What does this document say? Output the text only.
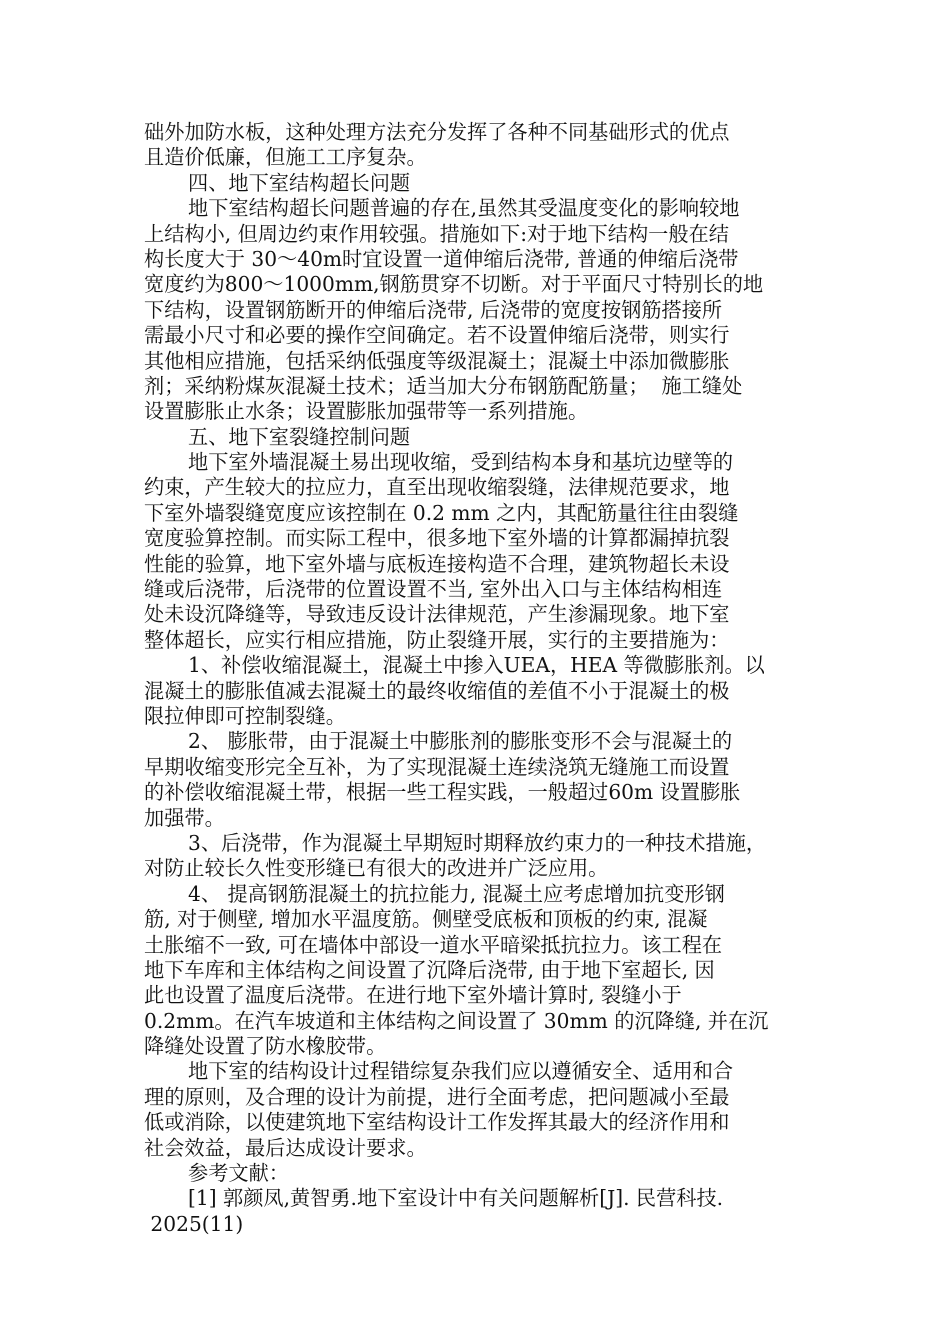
础外加防水板，这种处理方法充分发挥了各种不同基础形式的优点
且造价低廉，但施工工序复杂。
四、地下室结构超长问题
地下室结构超长问题普遍的存在,虽然其受温度变化的影响较地
上结构小, 但周边约束作用较强。措施如下:对于地下结构一般在结
构长度大于 30～40m时宜设置一道伸缩后浇带, 普通的伸缩后浇带
宽度约为800～1000mm,钢筋贯穿不切断。对于平面尺寸特别长的地
下结构，设置钢筋断开的伸缩后浇带, 后浇带的宽度按钢筋搭接所
需最小尺寸和必要的操作空间确定。若不设置伸缩后浇带，则实行
其他相应措施，包括采纳低强度等级混凝土；混凝土中添加微膨胀
剂；采纳粉煤灰混凝土技术；适当加大分布钢筋配筋量；  施工缝处
设置膨胀止水条；设置膨胀加强带等一系列措施。
五、地下室裂缝控制问题
地下室外墙混凝土易出现收缩，受到结构本身和基坑边壁等的
约束，产生较大的拉应力，直至出现收缩裂缝，法律规范要求，地
下室外墙裂缝宽度应该控制在 0.2 mm 之内，其配筋量往往由裂缝
宽度验算控制。而实际工程中，很多地下室外墙的计算都漏掉抗裂
性能的验算，地下室外墙与底板连接构造不合理，建筑物超长未设
缝或后浇带，后浇带的位置设置不当, 室外出入口与主体结构相连
处未设沉降缝等，导致违反设计法律规范，产生渗漏现象。地下室
整体超长，应实行相应措施，防止裂缝开展，实行的主要措施为：
1、补偿收缩混凝土，混凝土中掺入UEA，HEA 等微膨胀剂。以
混凝土的膨胀值减去混凝土的最终收缩值的差值不小于混凝土的极
限拉伸即可控制裂缝。
2、 膨胀带，由于混凝土中膨胀剂的膨胀变形不会与混凝土的
早期收缩变形完全互补，为了实现混凝土连续浇筑无缝施工而设置
的补偿收缩混凝土带，根据一些工程实践，一般超过60m 设置膨胀
加强带。
3、后浇带，作为混凝土早期短时期释放约束力的一种技术措施，
对防止较长久性变形缝已有很大的改进并广泛应用。
4、 提高钢筋混凝土的抗拉能力, 混凝土应考虑增加抗变形钢
筋, 对于侧壁, 增加水平温度筋。侧壁受底板和顶板的约束, 混凝
土胀缩不一致, 可在墙体中部设一道水平暗梁抵抗拉力。该工程在
地下车库和主体结构之间设置了沉降后浇带, 由于地下室超长, 因
此也设置了温度后浇带。在进行地下室外墙计算时, 裂缝小于
0.2mm。在汽车坡道和主体结构之间设置了 30mm 的沉降缝, 并在沉
降缝处设置了防水橡胶带。
地下室的结构设计过程错综复杂我们应以遵循安全、适用和合
理的原则，及合理的设计为前提，进行全面考虑，把问题减小至最
低或消除，以使建筑地下室结构设计工作发挥其最大的经济作用和
社会效益，最后达成设计要求。
参考文献：
[1] 郭颜凤,黄智勇.地下室设计中有关问题解析[J]. 民营科技.
2025(11)
